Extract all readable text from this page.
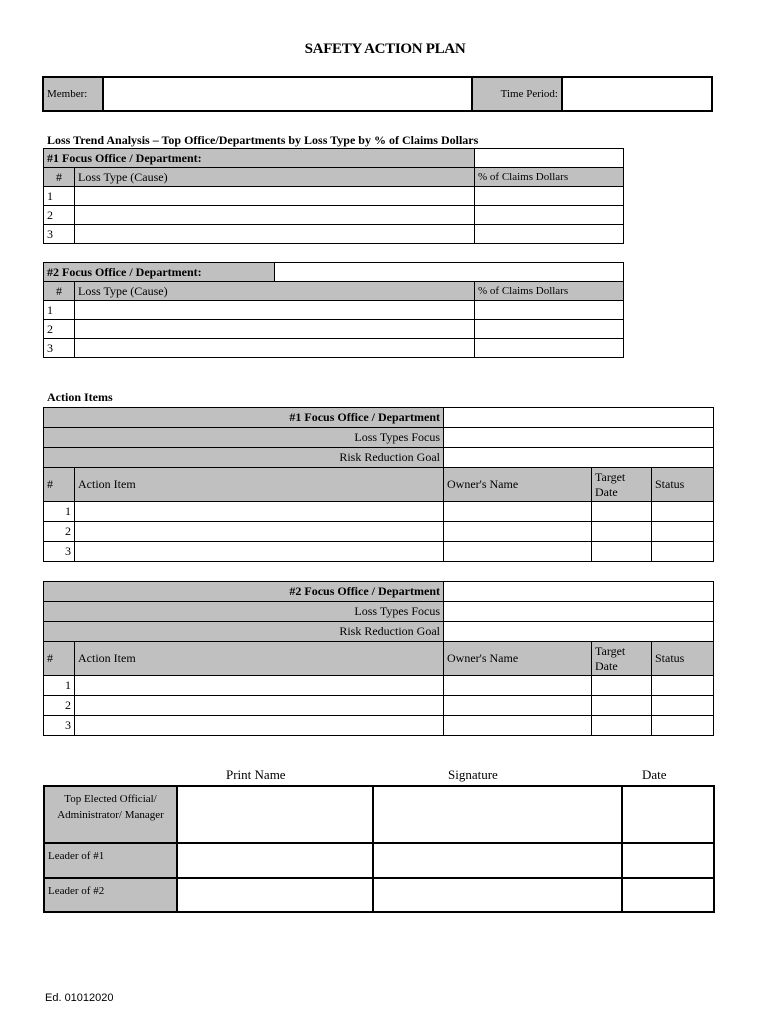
SAFETY ACTION PLAN
Member:		Time Period:	
Loss Trend Analysis – Top Office/Departments by Loss Type by % of Claims Dollars
#1 Focus Office / Department:		
#	Loss Type (Cause)	% of Claims Dollars
1		
2		
3		
#2 Focus Office / Department:			
#	Loss Type (Cause)		% of Claims Dollars
1			
2			
3			
Action Items
#1 Focus Office / Department				
Loss Types Focus				
Risk Reduction Goal				
#	Action Item	Owner's Name	Target Date	Status
1				
2				
3				
#2 Focus Office / Department				
Loss Types Focus				
Risk Reduction Goal				
#	Action Item	Owner's Name	Target Date	Status
1				
2				
3				
Print Name	Signature	Date
Top Elected Official/ Administrator/ Manager			
Leader of #1			
Leader of #2			
Ed. 01012020
